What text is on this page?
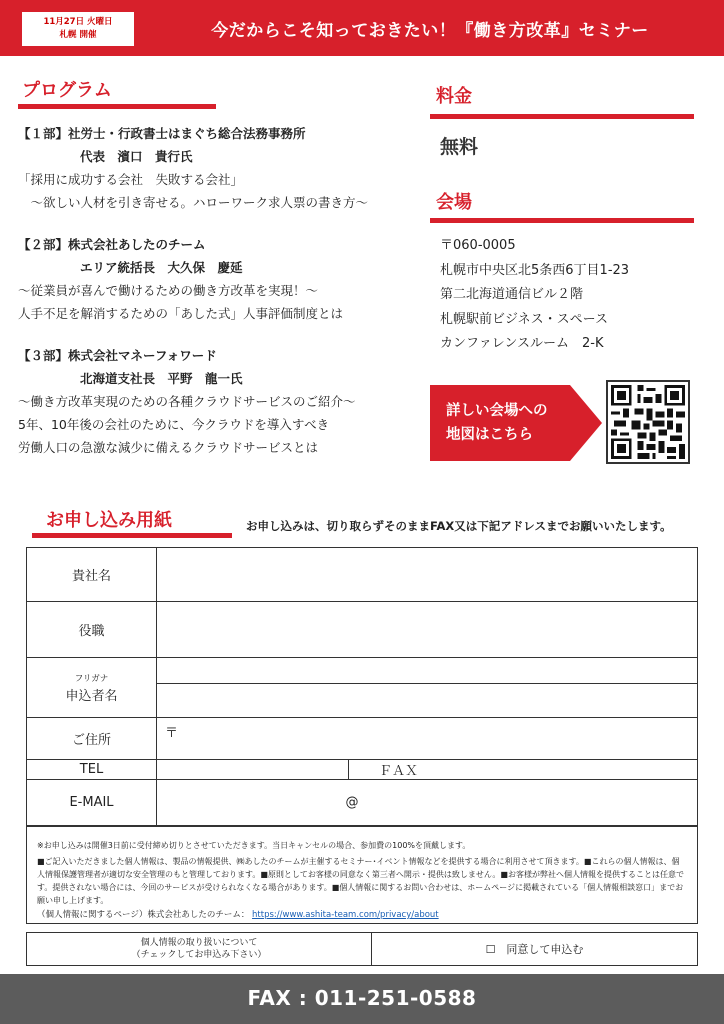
11月27日 火曜日
札幌 開催	今だからこそ知っておきたい！『働き方改革』セミナー
プログラム
【１部】社労士・行政書士はまぐち総合法務事務所
代表　濱口　貴行氏
「採用に成功する会社　失敗する会社」
　～欲しい人材を引き寄せる。ハローワーク求人票の書き方～
【２部】株式会社あしたのチーム
エリア統括長　大久保　慶延
～従業員が喜んで働けるための働き方改革を実現！～
人手不足を解消するための「あした式」人事評価制度とは
【３部】株式会社マネーフォワード
北海道支社長　平野　龍一氏
～働き方改革実現のための各種クラウドサービスのご紹介～
5年、10年後の会社のために、今クラウドを導入すべき
労働人口の急激な減少に備えるクラウドサービスとは
料金
無料
会場
〒060-0005
札幌市中央区北5条西6丁目1-23
第二北海道通信ビル２階
札幌駅前ビジネス・スペース
カンファレンスルーム　2-K
詳しい会場への
地図はこちら
お申し込み用紙	お申し込みは、切り取らずそのままFAX又は下記アドレスまでお願いいたします。
貴社名		
役職		

フリガナ
申込者名		

ご住所	〒	
TEL		ＦＡＸ
E-MAIL	@	
※お申し込みは開催3日前に受付締め切りとさせていただきます。当日キャンセルの場合、参加費の100%を頂戴します。
■ご記入いただきました個人情報は、製品の情報提供、㈱あしたのチームが主催するセミナー･イベント情報などを提供する場合に利用させて頂きます。■これらの個人情報は、個人情報保護管理者が適切な安全管理のもと管理しております。■原則としてお客様の同意なく第三者へ開示・提供は致しません。■お客様が弊社へ個人情報を提供することは任意です。提供されない場合には、今回のサービスが受けられなくなる場合があります。■個人情報に関するお問い合わせは、ホームページに掲載されている「個人情報相談窓口」までお願い申し上げます。
（個人情報に関するページ）株式会社あしたのチーム： https://www.ashita-team.com/privacy/about
個人情報の取り扱いについて
（チェックしてお申込み下さい）	☐　同意して申込む
FAX : 011-251-0588
